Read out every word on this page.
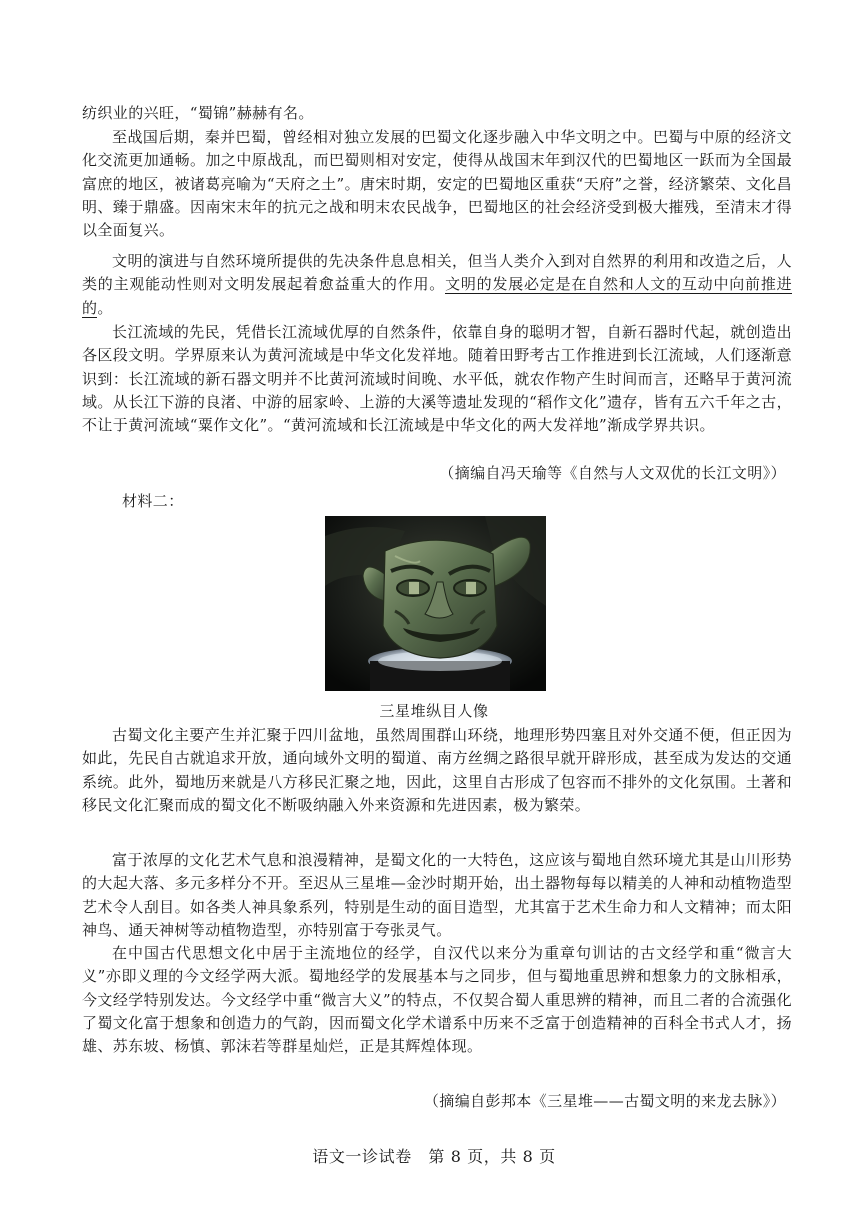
纺织业的兴旺，“蜀锦”赫赫有名。

至战国后期，秦并巴蜀，曾经相对独立发展的巴蜀文化逐步融入中华文明之中。巴蜀与中原的经济文化交流更加通畅。加之中原战乱，而巴蜀则相对安定，使得从战国末年到汉代的巴蜀地区一跃而为全国最富庶的地区，被诸葛亮喻为“天府之土”。唐宋时期，安定的巴蜀地区重获“天府”之誉，经济繁荣、文化昌明、臻于鼎盛。因南宋末年的抗元之战和明末农民战争，巴蜀地区的社会经济受到极大摧残，至清末才得以全面复兴。

文明的演进与自然环境所提供的先决条件息息相关，但当人类介入到对自然界的利用和改造之后，人类的主观能动性则对文明发展起着愈益重大的作用。文明的发展必定是在自然和人文的互动中向前推进的。

长江流域的先民，凭借长江流域优厚的自然条件，依靠自身的聪明才智，自新石器时代起，就创造出各区段文明。学界原来认为黄河流域是中华文化发祥地。随着田野考古工作推进到长江流域，人们逐渐意识到：长江流域的新石器文明并不比黄河流域时间晚、水平低，就农作物产生时间而言，还略早于黄河流域。从长江下游的良渚、中游的屈家岭、上游的大溪等遗址发现的“稻作文化”遗存，皆有五六千年之古，不让于黄河流域“粟作文化”。“黄河流域和长江流域是中华文化的两大发祥地”渐成学界共识。

（摘编自冯天瑜等《自然与人文双优的长江文明》）

材料二：

三星堆纵目人像

古蜀文化主要产生并汇聚于四川盆地，虽然周围群山环绕，地理形势四塞且对外交通不便，但正因为如此，先民自古就追求开放，通向域外文明的蜀道、南方丝绸之路很早就开辟形成，甚至成为发达的交通系统。此外，蜀地历来就是八方移民汇聚之地，因此，这里自古形成了包容而不排外的文化氛围。土著和移民文化汇聚而成的蜀文化不断吸纳融入外来资源和先进因素，极为繁荣。

富于浓厚的文化艺术气息和浪漫精神，是蜀文化的一大特色，这应该与蜀地自然环境尤其是山川形势的大起大落、多元多样分不开。至迟从三星堆—金沙时期开始，出土器物每每以精美的人神和动植物造型艺术令人刮目。如各类人神具象系列，特别是生动的面目造型，尤其富于艺术生命力和人文精神；而太阳神鸟、通天神树等动植物造型，亦特别富于夸张灵气。

在中国古代思想文化中居于主流地位的经学，自汉代以来分为重章句训诂的古文经学和重“微言大义”亦即义理的今文经学两大派。蜀地经学的发展基本与之同步，但与蜀地重思辨和想象力的文脉相承，今文经学特别发达。今文经学中重“微言大义”的特点，不仅契合蜀人重思辨的精神，而且二者的合流强化了蜀文化富于想象和创造力的气韵，因而蜀文化学术谱系中历来不乏富于创造精神的百科全书式人才，扬雄、苏东坡、杨慎、郭沫若等群星灿烂，正是其辉煌体现。

（摘编自彭邦本《三星堆——古蜀文明的来龙去脉》）

语文一诊试卷　第 8 页，共 8 页
